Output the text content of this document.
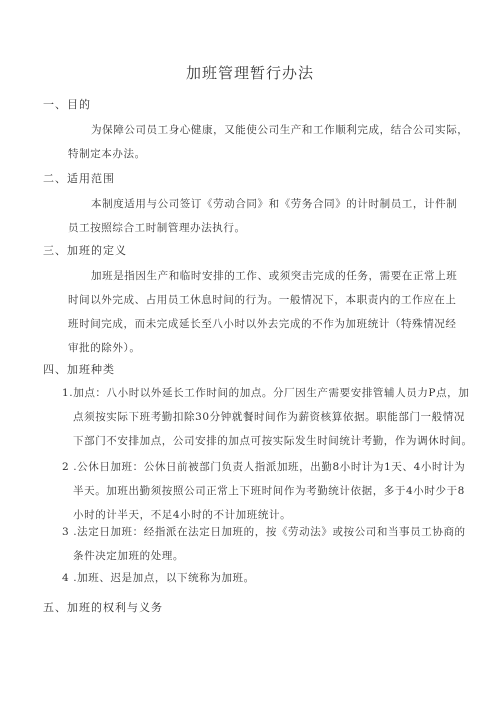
加班管理暂行办法
一、目的
为保障公司员工身心健康，又能使公司生产和工作顺利完成，结合公司实际，
特制定本办法。
二、适用范围
本制度适用与公司签订《劳动合同》和《劳务合同》的计时制员工，计件制
员工按照综合工时制管理办法执行。
三、加班的定义
加班是指因生产和临时安排的工作、或须突击完成的任务，需要在正常上班
时间以外完成、占用员工休息时间的行为。一般情况下，本职责内的工作应在上
班时间完成，而未完成延长至八小时以外去完成的不作为加班统计（特殊情况经
审批的除外）。
四、加班种类
1.加点：八小时以外延长工作时间的加点。分厂因生产需要安排管辅人员力P点，加
点须按实际下班考勤扣除30分钟就餐时间作为薪资核算依据。职能部门一般情况
下部门不安排加点，公司安排的加点可按实际发生时间统计考勤，作为调休时间。
2 .公休日加班：公休日前被部门负责人指派加班，出勤8小时计为1天、4小时计为
半天。加班出勤须按照公司正常上下班时间作为考勤统计依据，多于4小时少于8
小时的计半天，不足4小时的不计加班统计。
3 .法定日加班：经指派在法定日加班的，按《劳动法》或按公司和当事员工协商的
条件决定加班的处理。
4 .加班、迟是加点，以下统称为加班。
五、加班的权利与义务
